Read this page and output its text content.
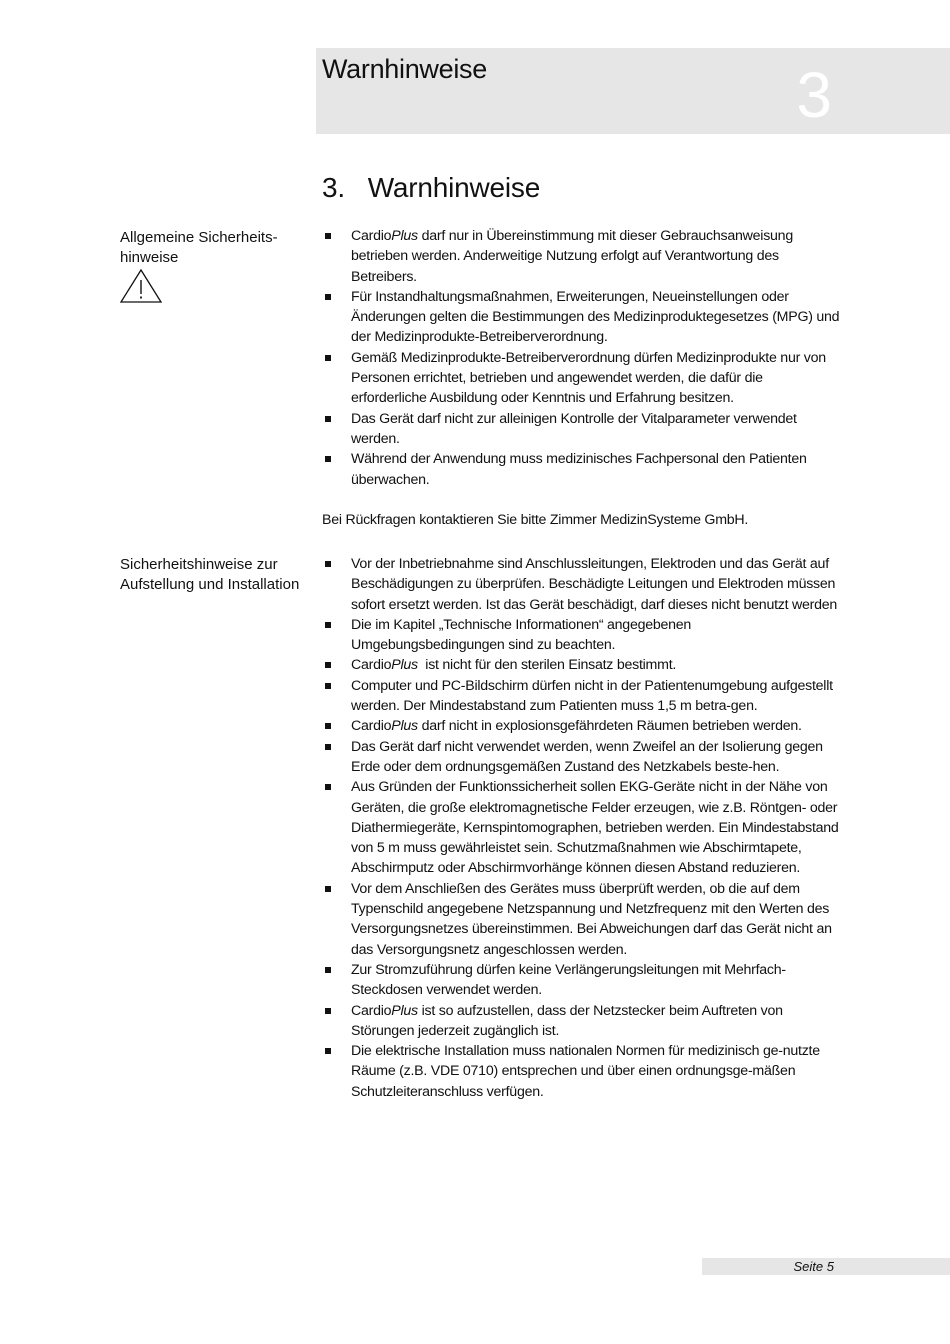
Warnhinweise	3
3.   Warnhinweise
Allgemeine Sicherheits-
hinweise
CardioPlus darf nur in Übereinstimmung mit dieser Gebrauchsanweisung betrieben werden. Anderweitige Nutzung erfolgt auf Verantwortung des Betreibers.
Für Instandhaltungsmaßnahmen, Erweiterungen, Neueinstellungen oder Änderungen gelten die Bestimmungen des Medizinproduktegesetzes (MPG) und der Medizinprodukte-Betreiberverordnung.
Gemäß Medizinprodukte-Betreiberverordnung dürfen Medizinprodukte nur von Personen errichtet, betrieben und angewendet werden, die dafür die erforderliche Ausbildung oder Kenntnis und Erfahrung besitzen.
Das Gerät darf nicht zur alleinigen Kontrolle der Vitalparameter verwendet werden.
Während der Anwendung muss medizinisches Fachpersonal den Patienten überwachen.
Bei Rückfragen kontaktieren Sie bitte Zimmer MedizinSysteme GmbH.
Sicherheitshinweise zur
Aufstellung und Installation
Vor der Inbetriebnahme sind Anschlussleitungen, Elektroden und das Gerät auf Beschädigungen zu überprüfen. Beschädigte Leitungen und Elektroden müssen sofort ersetzt werden. Ist das Gerät beschädigt, darf dieses nicht benutzt werden
Die im Kapitel „Technische Informationen“ angegebenen Umgebungsbedingungen sind zu beachten.
CardioPlus  ist nicht für den sterilen Einsatz bestimmt.
Computer und PC-Bildschirm dürfen nicht in der Patientenumgebung aufgestellt werden. Der Mindestabstand zum Patienten muss 1,5 m betra-gen.
CardioPlus darf nicht in explosionsgefährdeten Räumen betrieben werden.
Das Gerät darf nicht verwendet werden, wenn Zweifel an der Isolierung gegen Erde oder dem ordnungsgemäßen Zustand des Netzkabels beste-hen.
Aus Gründen der Funktionssicherheit sollen EKG-Geräte nicht in der Nähe von Geräten, die große elektromagnetische Felder erzeugen, wie z.B. Röntgen- oder Diathermiegeräte, Kernspintomographen, betrieben werden. Ein Mindestabstand von 5 m muss gewährleistet sein. Schutzmaßnahmen wie Abschirmtapete, Abschirmputz oder Abschirmvorhänge können diesen Abstand reduzieren.
Vor dem Anschließen des Gerätes muss überprüft werden, ob die auf dem Typenschild angegebene Netzspannung und Netzfrequenz mit den Werten des Versorgungsnetzes übereinstimmen. Bei Abweichungen darf das Gerät nicht an das Versorgungsnetz angeschlossen werden.
Zur Stromzuführung dürfen keine Verlängerungsleitungen mit Mehrfach-Steckdosen verwendet werden.
CardioPlus ist so aufzustellen, dass der Netzstecker beim Auftreten von Störungen jederzeit zugänglich ist.
Die elektrische Installation muss nationalen Normen für medizinisch ge-nutzte Räume (z.B. VDE 0710) entsprechen und über einen ordnungsge-mäßen Schutzleiteranschluss verfügen.
Seite 5
